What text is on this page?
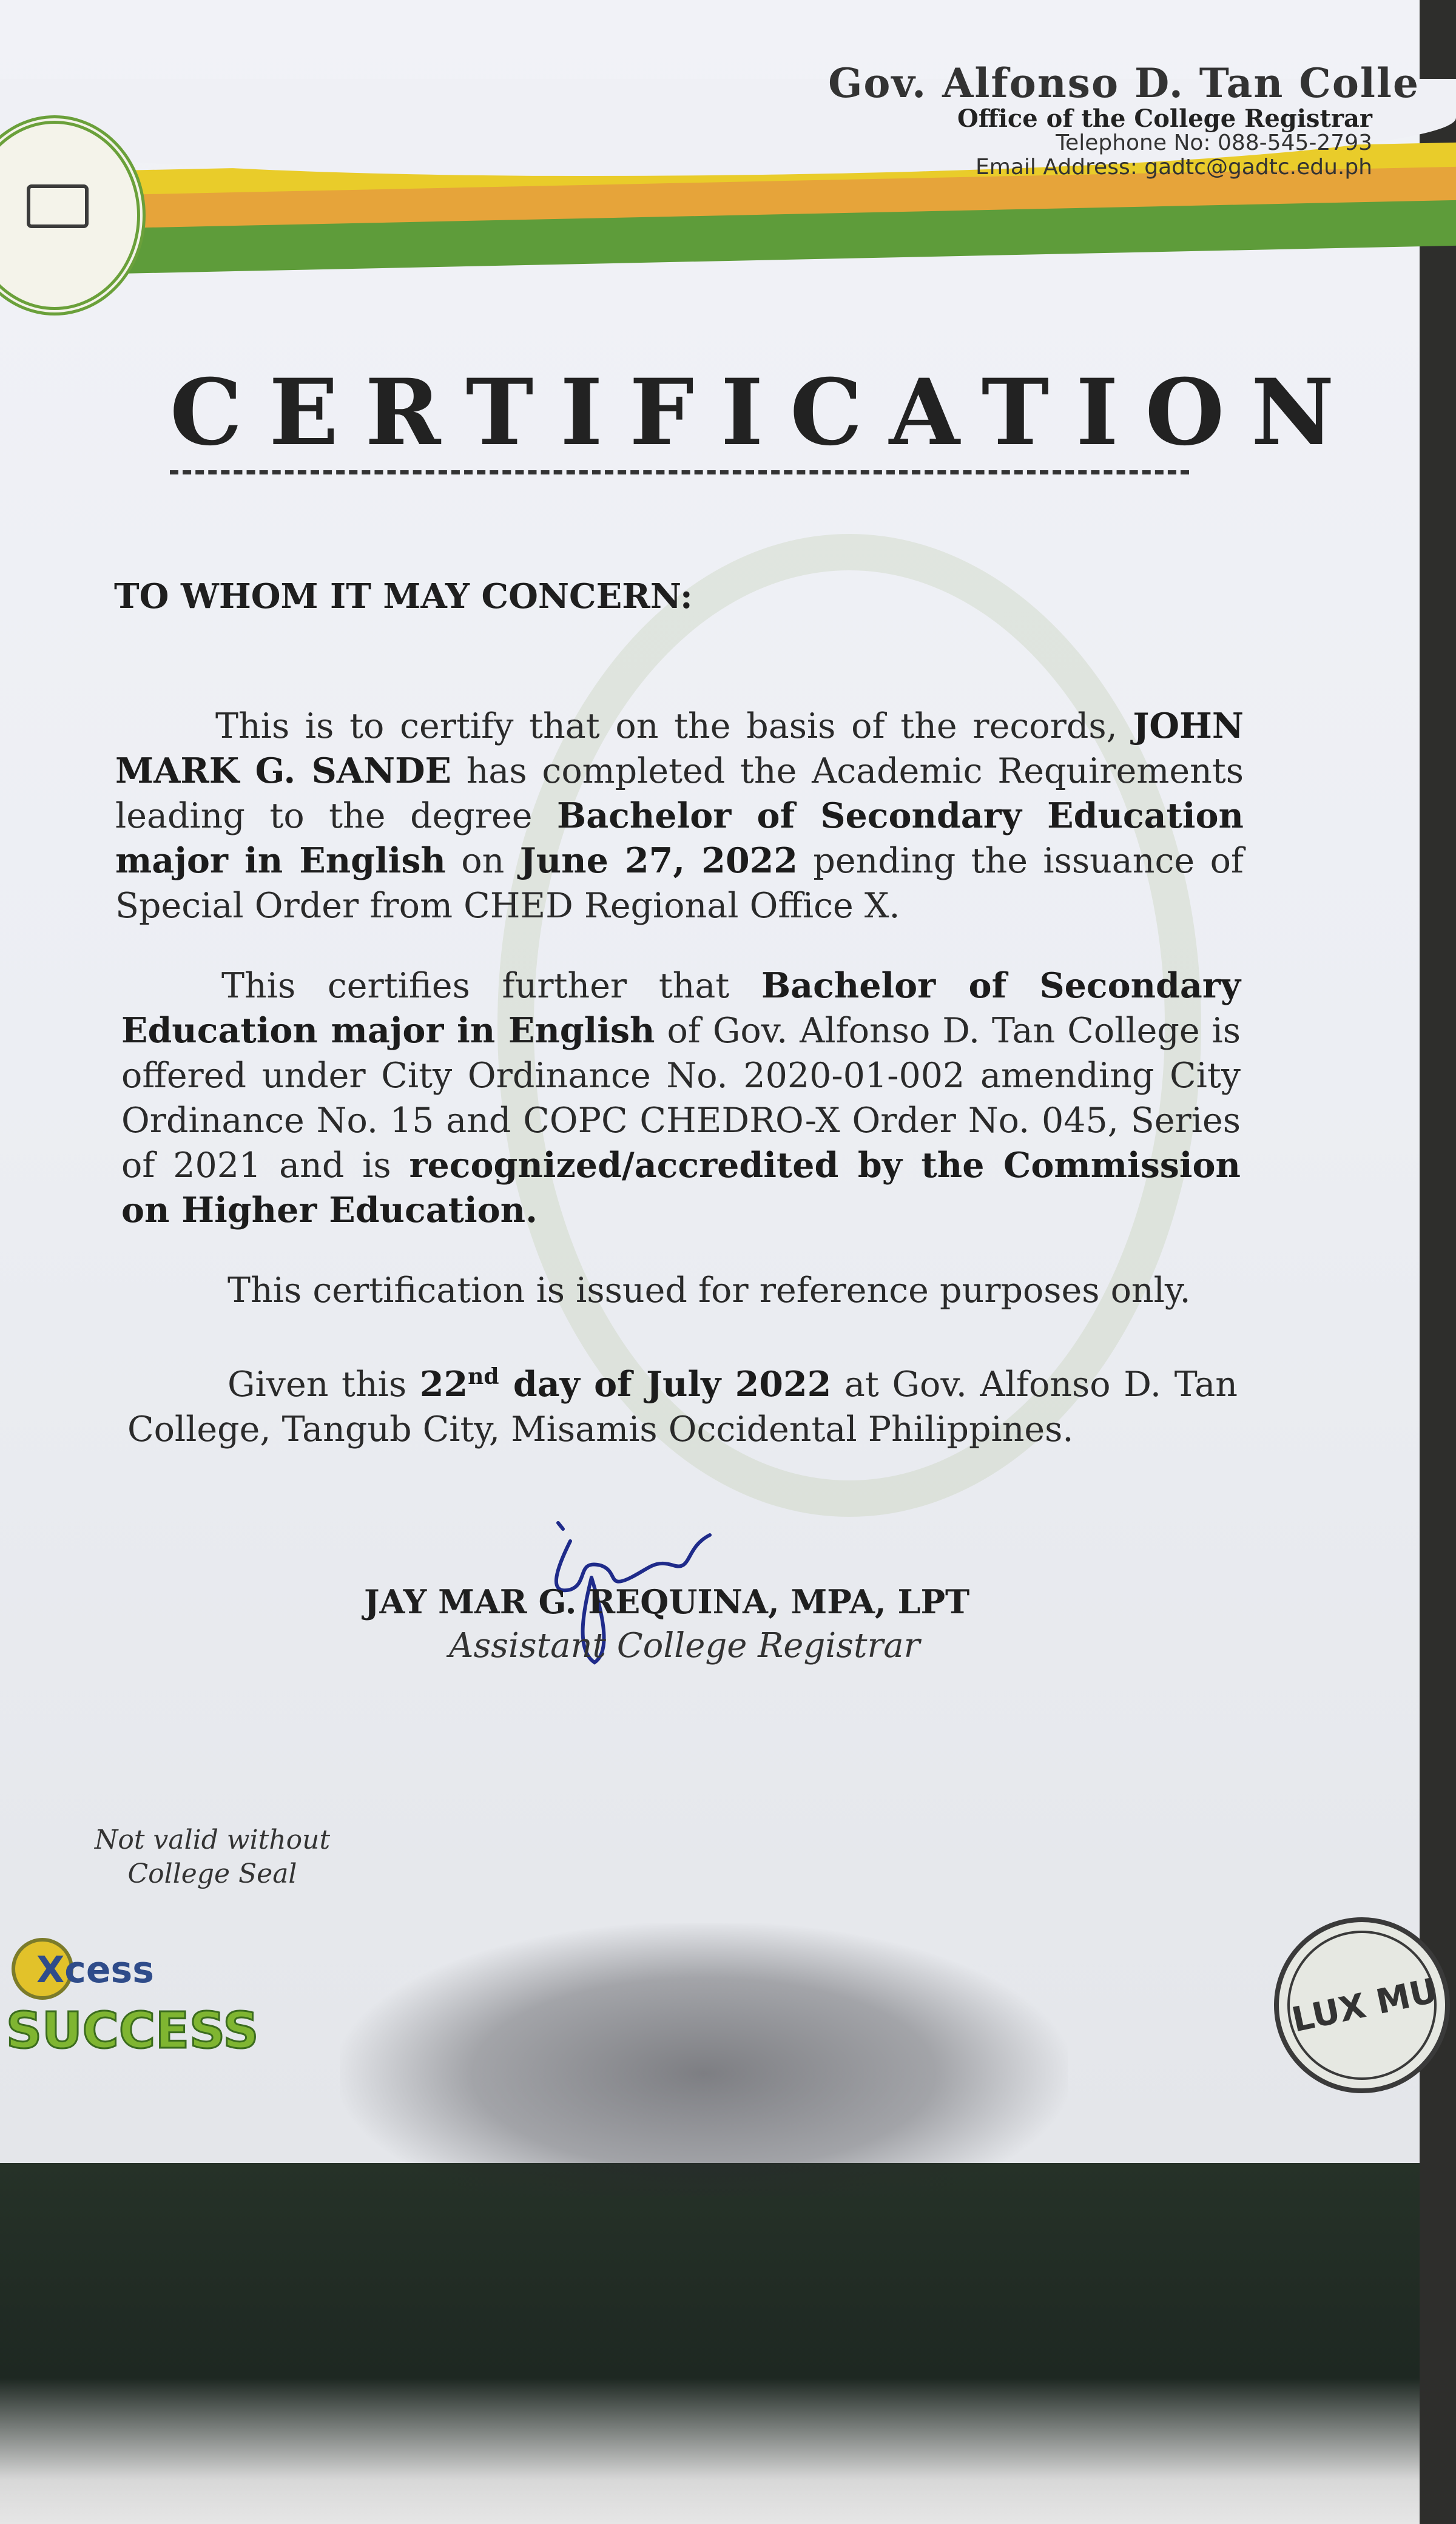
Gov. Alfonso D. Tan Colle
Office of the College Registrar
Telephone No: 088-545-2793
Email Address: gadtc@gadtc.edu.ph
CERTIFICATION
TO WHOM IT MAY CONCERN:
This is to certify that on the basis of the records, JOHN MARK G. SANDE has completed the Academic Requirements leading to the degree Bachelor of Secondary Education major in English on June 27, 2022 pending the issuance of Special Order from CHED Regional Office X.
This certifies further that Bachelor of Secondary Education major in English of Gov. Alfonso D. Tan College is offered under City Ordinance No. 2020-01-002 amending City Ordinance No. 15 and COPC CHEDRO-X Order No. 045, Series of 2021 and is recognized/accredited by the Commission on Higher Education.
This certification is issued for reference purposes only.
Given this 22nd day of July 2022 at Gov. Alfonso D. Tan College, Tangub City, Misamis Occidental Philippines.
JAY MAR G. REQUINA, MPA, LPT
Assistant College Registrar
Not valid without
College Seal
Xcess
SUCCESS	LUX MU
